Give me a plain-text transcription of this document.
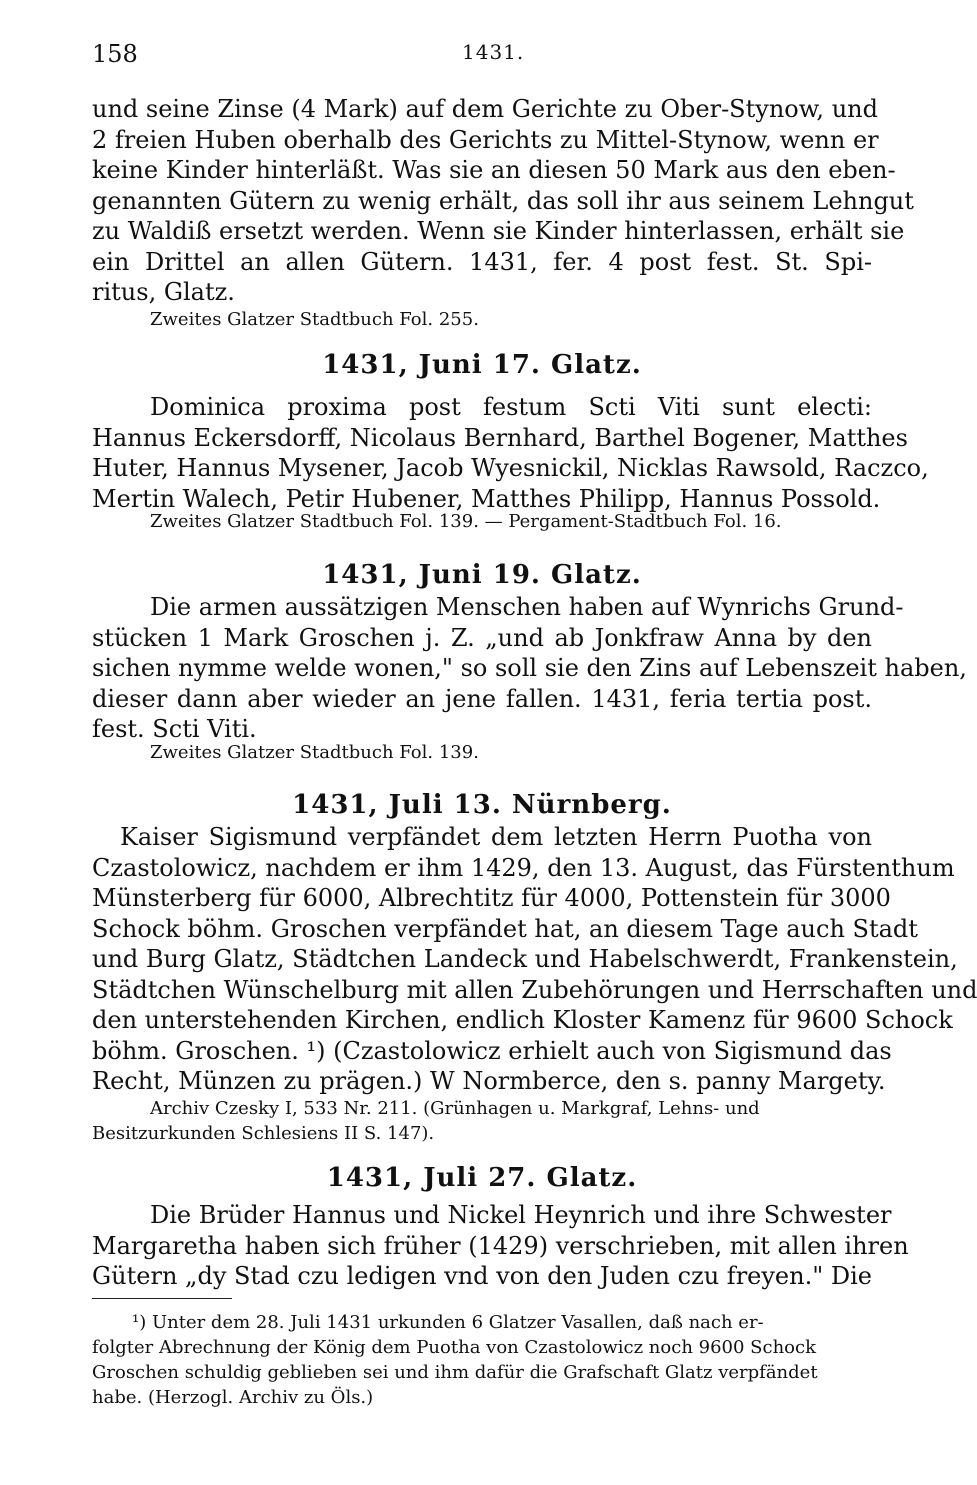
158	1431.
und seine Zinse (4 Mark) auf dem Gerichte zu Ober-Stynow, und
2 freien Huben oberhalb des Gerichts zu Mittel-Stynow, wenn er
keine Kinder hinterläßt. Was sie an diesen 50 Mark aus den eben-
genannten Gütern zu wenig erhält, das soll ihr aus seinem Lehngut
zu Waldiß ersetzt werden. Wenn sie Kinder hinterlassen, erhält sie
ein Drittel an allen Gütern. 1431, fer. 4 post fest. St. Spi-
ritus, Glatz.
Zweites Glatzer Stadtbuch Fol. 255.
1431, Juni 17. Glatz.
Dominica proxima post festum Scti Viti sunt electi:
Hannus Eckersdorff, Nicolaus Bernhard, Barthel Bogener, Matthes
Huter, Hannus Mysener, Jacob Wyesnickil, Nicklas Rawsold, Raczco,
Mertin Walech, Petir Hubener, Matthes Philipp, Hannus Possold.
Zweites Glatzer Stadtbuch Fol. 139. — Pergament-Stadtbuch Fol. 16.
1431, Juni 19. Glatz.
Die armen aussätzigen Menschen haben auf Wynrichs Grund-
stücken 1 Mark Groschen j. Z. „und ab Jonkfraw Anna by den
sichen nymme welde wonen," so soll sie den Zins auf Lebenszeit haben,
dieser dann aber wieder an jene fallen. 1431, feria tertia post.
fest. Scti Viti.
Zweites Glatzer Stadtbuch Fol. 139.
1431, Juli 13. Nürnberg.
Kaiser Sigismund verpfändet dem letzten Herrn Puotha von
Czastolowicz, nachdem er ihm 1429, den 13. August, das Fürstenthum
Münsterberg für 6000, Albrechtitz für 4000, Pottenstein für 3000
Schock böhm. Groschen verpfändet hat, an diesem Tage auch Stadt
und Burg Glatz, Städtchen Landeck und Habelschwerdt, Frankenstein,
Städtchen Wünschelburg mit allen Zubehörungen und Herrschaften und
den unterstehenden Kirchen, endlich Kloster Kamenz für 9600 Schock
böhm. Groschen. ¹) (Czastolowicz erhielt auch von Sigismund das
Recht, Münzen zu prägen.) W Normberce, den s. panny Margety.
Archiv Czesky I, 533 Nr. 211. (Grünhagen u. Markgraf, Lehns- und
Besitzurkunden Schlesiens II S. 147).
1431, Juli 27. Glatz.
Die Brüder Hannus und Nickel Heynrich und ihre Schwester
Margaretha haben sich früher (1429) verschrieben, mit allen ihren
Gütern „dy Stad czu ledigen vnd von den Juden czu freyen." Die
¹) Unter dem 28. Juli 1431 urkunden 6 Glatzer Vasallen, daß nach er-
folgter Abrechnung der König dem Puotha von Czastolowicz noch 9600 Schock
Groschen schuldig geblieben sei und ihm dafür die Grafschaft Glatz verpfändet
habe. (Herzogl. Archiv zu Öls.)
